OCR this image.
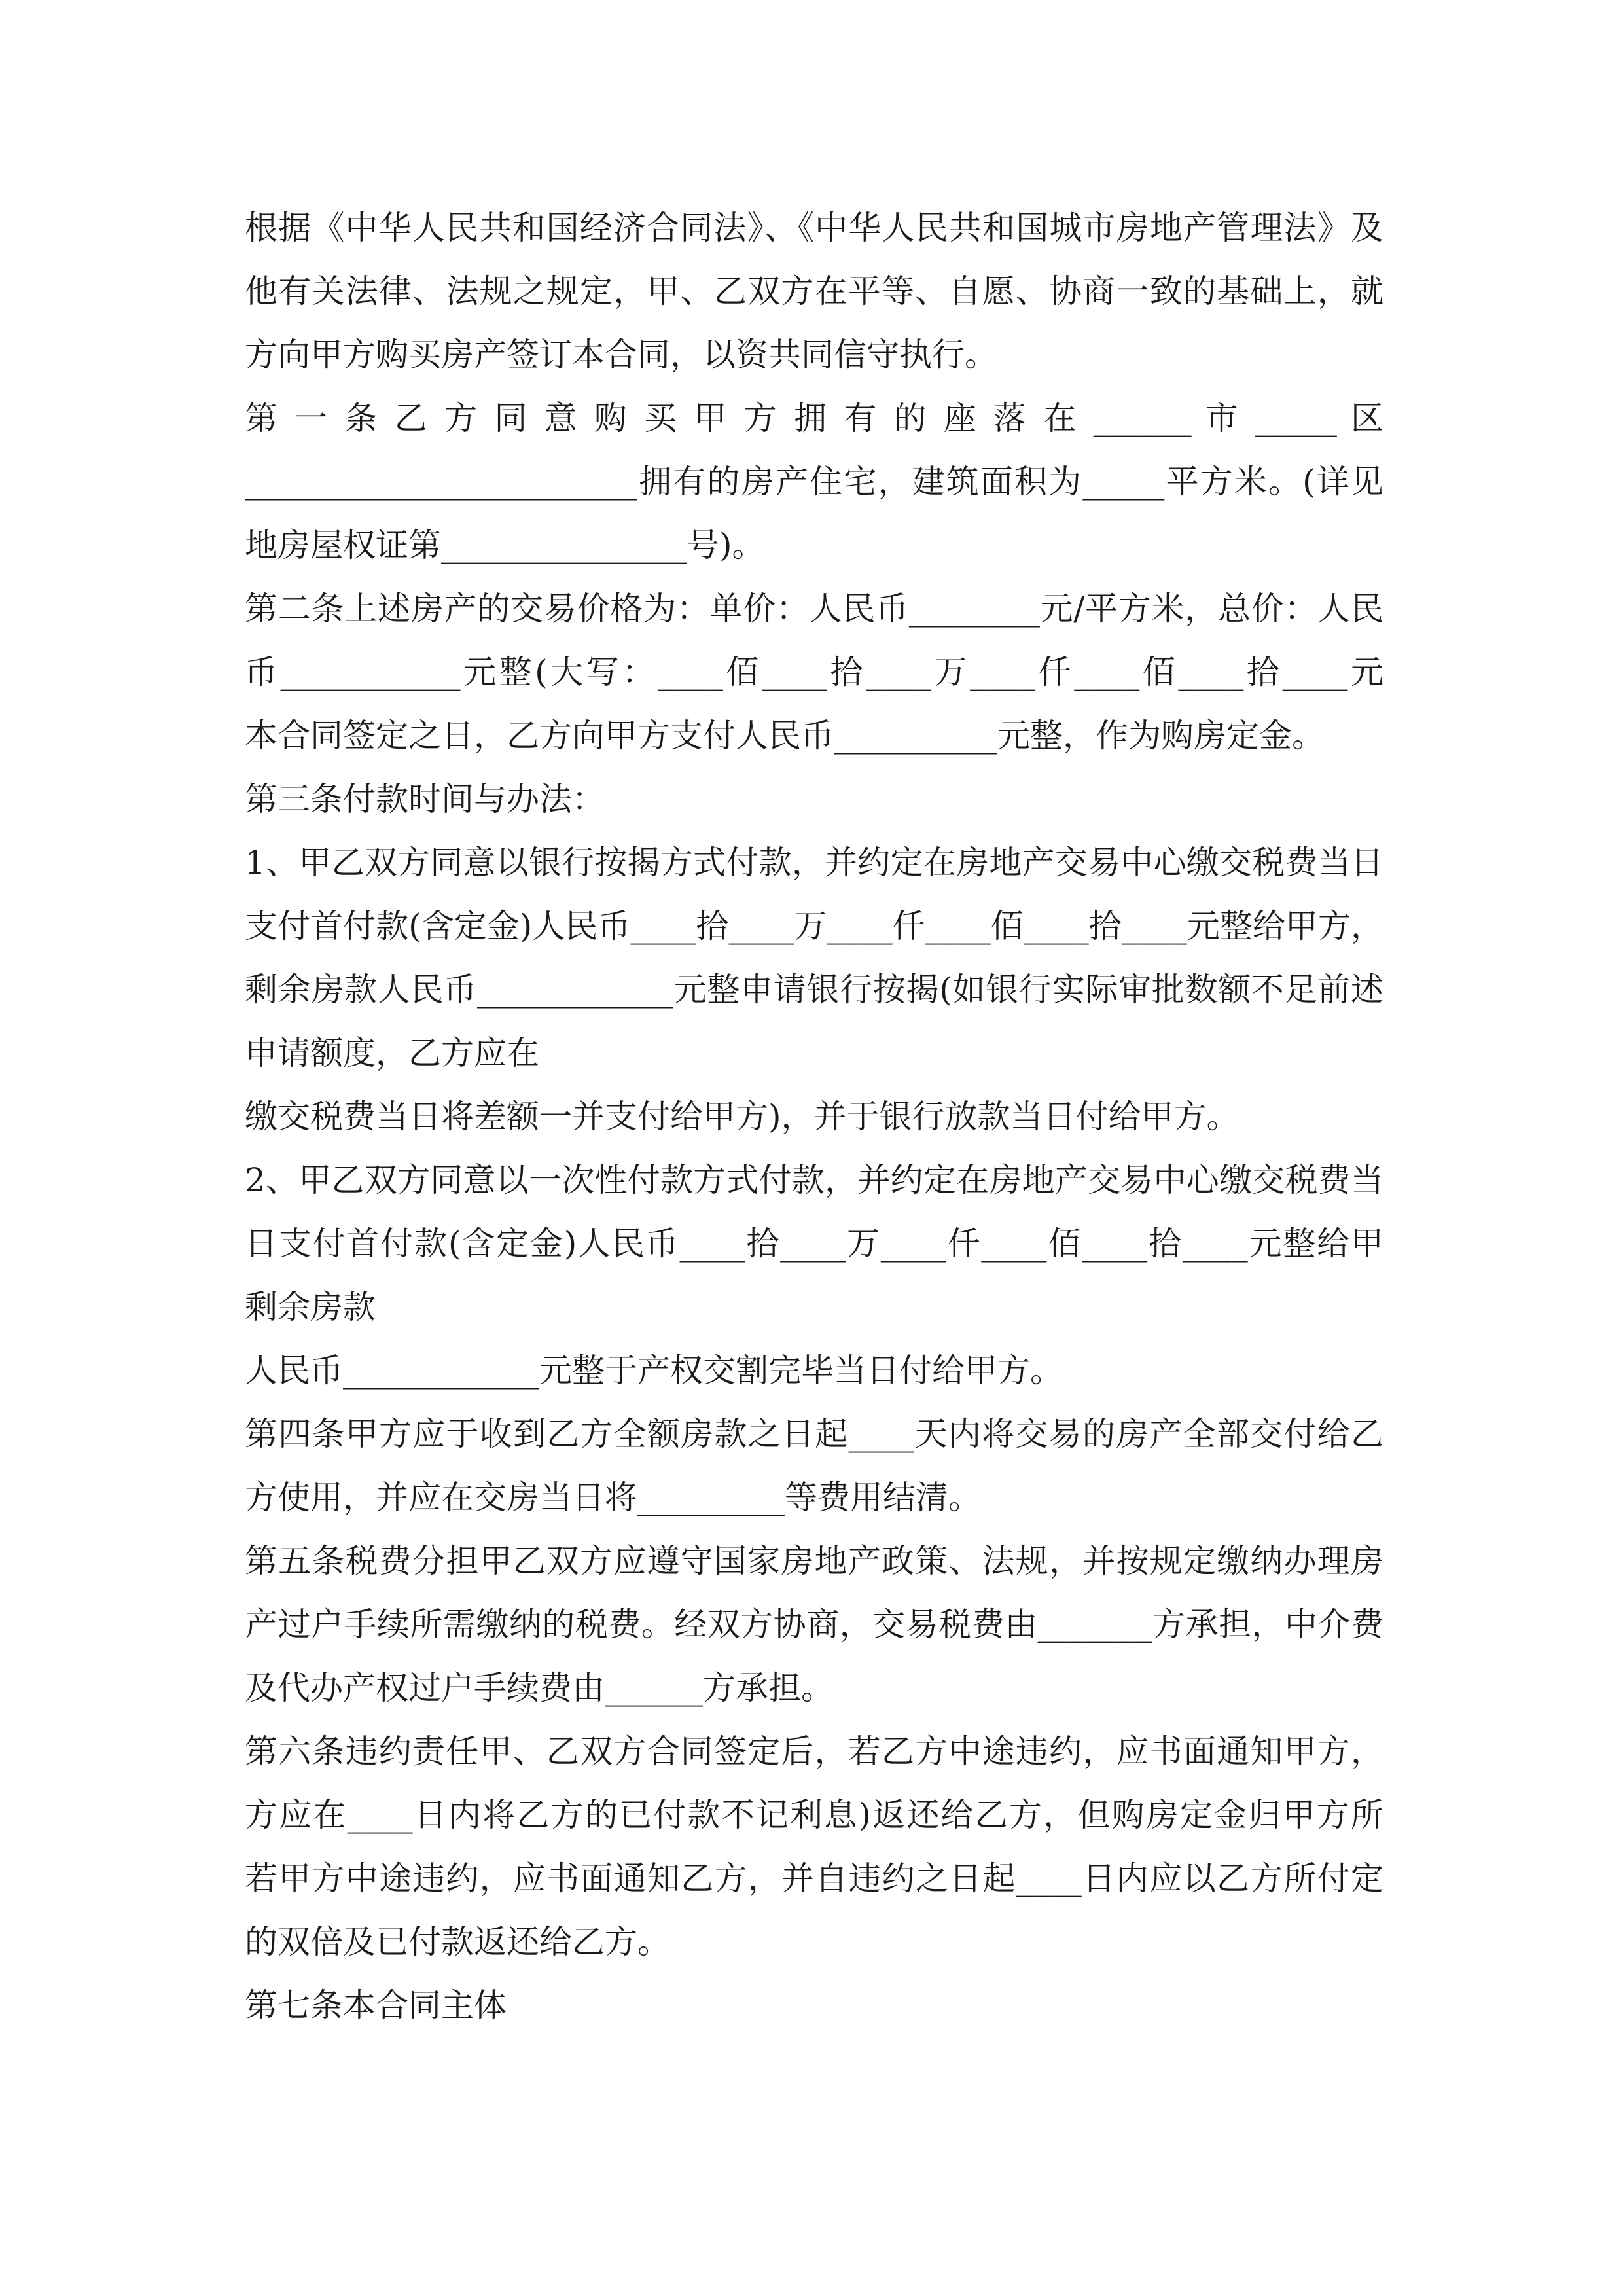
根据《中华人民共和国经济合同法》、《中华人民共和国城市房地产管理法》及
他有关法律、法规之规定，甲、乙双方在平等、自愿、协商一致的基础上，就
方向甲方购买房产签订本合同，以资共同信守执行。
第 一 条 乙 方 同 意 购 买 甲 方 拥 有 的 座 落 在 ______ 市 _____ 区
________________________拥有的房产住宅，建筑面积为_____平方米。(详见
地房屋权证第_______________号)。
第二条上述房产的交易价格为：单价：人民币________元/平方米，总价：人民
币___________元整(大写：____佰____拾____万____仟____佰____拾____元
本合同签定之日，乙方向甲方支付人民币__________元整，作为购房定金。
第三条付款时间与办法：
1、甲乙双方同意以银行按揭方式付款，并约定在房地产交易中心缴交税费当日
支付首付款(含定金)人民币____拾____万____仟____佰____拾____元整给甲方，
剩余房款人民币____________元整申请银行按揭(如银行实际审批数额不足前述
申请额度，乙方应在
缴交税费当日将差额一并支付给甲方)，并于银行放款当日付给甲方。
2、甲乙双方同意以一次性付款方式付款，并约定在房地产交易中心缴交税费当
日支付首付款(含定金)人民币____拾____万____仟____佰____拾____元整给甲
剩余房款
人民币____________元整于产权交割完毕当日付给甲方。
第四条甲方应于收到乙方全额房款之日起____天内将交易的房产全部交付给乙
方使用，并应在交房当日将_________等费用结清。
第五条税费分担甲乙双方应遵守国家房地产政策、法规，并按规定缴纳办理房
产过户手续所需缴纳的税费。经双方协商，交易税费由_______方承担，中介费
及代办产权过户手续费由______方承担。
第六条违约责任甲、乙双方合同签定后，若乙方中途违约，应书面通知甲方，
方应在____日内将乙方的已付款不记利息)返还给乙方，但购房定金归甲方所
若甲方中途违约，应书面通知乙方，并自违约之日起____日内应以乙方所付定
的双倍及已付款返还给乙方。
第七条本合同主体
